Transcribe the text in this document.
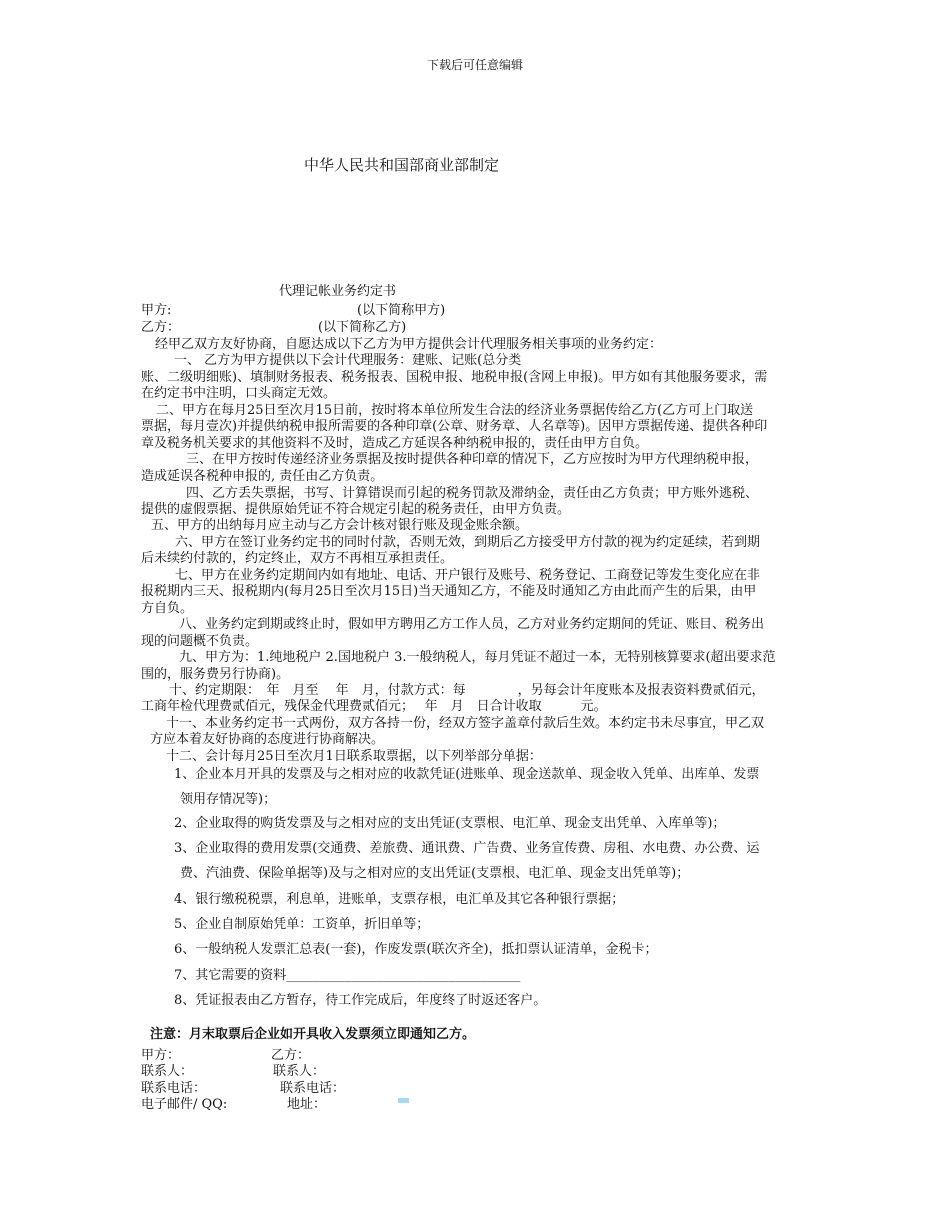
下载后可任意编辑
中华人民共和国部商业部制定
代理记帐业务约定书
甲方:	(以下简称甲方)
乙方：	(以下简称乙方)
经甲乙双方友好协商，自愿达成以下乙方为甲方提供会计代理服务相关事项的业务约定：
一、 乙方为甲方提供以下会计代理服务：建账、记账(总分类
账、二级明细账)、填制财务报表、税务报表、国税申报、地税申报(含网上申报)。甲方如有其他服务要求，需
在约定书中注明，口头商定无效。
二、甲方在每月25日至次月15日前，按时将本单位所发生合法的经济业务票据传给乙方(乙方可上门取送
票据，每月壹次)并提供纳税申报所需要的各种印章(公章、财务章、人名章等)。因甲方票据传递、提供各种印
章及税务机关要求的其他资料不及时，造成乙方延误各种纳税申报的，责任由甲方自负。
三、在甲方按时传递经济业务票据及按时提供各种印章的情况下，乙方应按时为甲方代理纳税申报，
造成延误各税种申报的, 责任由乙方负责。
四、乙方丢失票据，书写、计算错误而引起的税务罚款及滞纳金，责任由乙方负责；甲方账外逃税、
提供的虚假票据、提供原始凭证不符合规定引起的税务责任，由甲方负责。
五、甲方的出纳每月应主动与乙方会计核对银行账及现金账余额。
六、甲方在签订业务约定书的同时付款，否则无效，到期后乙方接受甲方付款的视为约定延续，若到期
后未续约付款的，约定终止，双方不再相互承担责任。
七、甲方在业务约定期间内如有地址、电话、开户银行及账号、税务登记、工商登记等发生变化应在非
报税期内三天、报税期内(每月25日至次月15日)当天通知乙方，不能及时通知乙方由此而产生的后果，由甲
方自负。
八、业务约定到期或终止时，假如甲方聘用乙方工作人员，乙方对业务约定期间的凭证、账目、税务出
现的问题概不负责。
九、甲方为：1.纯地税户 2.国地税户 3.一般纳税人，每月凭证不超过一本，无特别核算要求(超出要求范
围的，服务费另行协商)。
十、约定期限：　年　月至　 年　月，付款方式：每　　　　，另每会计年度账本及报表资料费贰佰元，
工商年检代理费贰佰元，残保金代理费贰佰元；　 年　月　日合计收取　　　元。
十一、本业务约定书一式两份，双方各持一份，经双方签字盖章付款后生效。本约定书未尽事宜，甲乙双
方应本着友好协商的态度进行协商解决。
十二、会计每月25日至次月1日联系取票据，以下列举部分单据：
1、企业本月开具的发票及与之相对应的收款凭证(进账单、现金送款单、现金收入凭单、出库单、发票
领用存情况等)；
2、企业取得的购货发票及与之相对应的支出凭证(支票根、电汇单、现金支出凭单、入库单等)；
3、企业取得的费用发票(交通费、差旅费、通讯费、广告费、业务宣传费、房租、水电费、办公费、运
费、汽油费、保险单据等)及与之相对应的支出凭证(支票根、电汇单、现金支出凭单等)；
4、银行缴税税票，利息单，进账单，支票存根，电汇单及其它各种银行票据；
5、企业自制原始凭单：工资单，折旧单等；
6、一般纳税人发票汇总表(一套)，作废发票(联次齐全)，抵扣票认证清单，金税卡；
7、其它需要的资料____________________________________
8、凭证报表由乙方暂存，待工作完成后，年度终了时返还客户。
注意：月末取票后企业如开具收入发票须立即通知乙方。
甲方：	乙方：
联系人：	联系人：
联系电话：	联系电话：
电子邮件/ QQ:	地址：
